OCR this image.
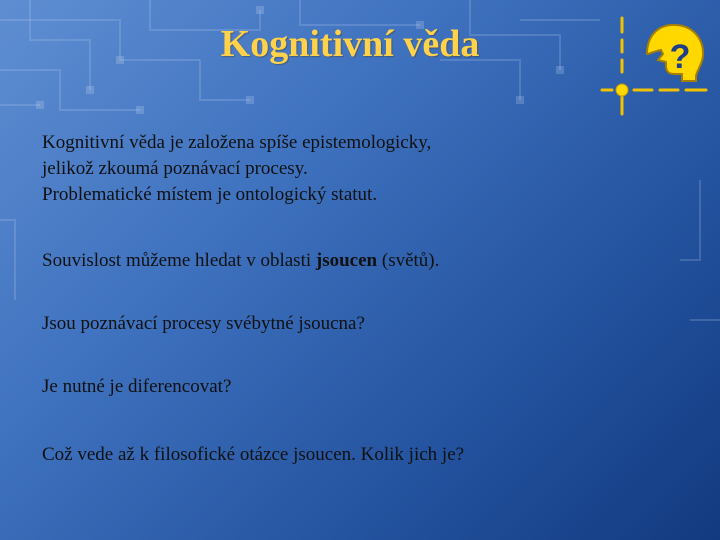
Kognitivní věda	?

Kognitivní věda je založena spíše epistemologicky,
jelikož zkoumá poznávací procesy.
Problematické místem je ontologický statut.

Souvislost můžeme hledat v oblasti jsoucen (světů).

Jsou poznávací procesy svébytné jsoucna?

Je nutné je diferencovat?

Což vede až k filosofické otázce jsoucen. Kolik jich je?
